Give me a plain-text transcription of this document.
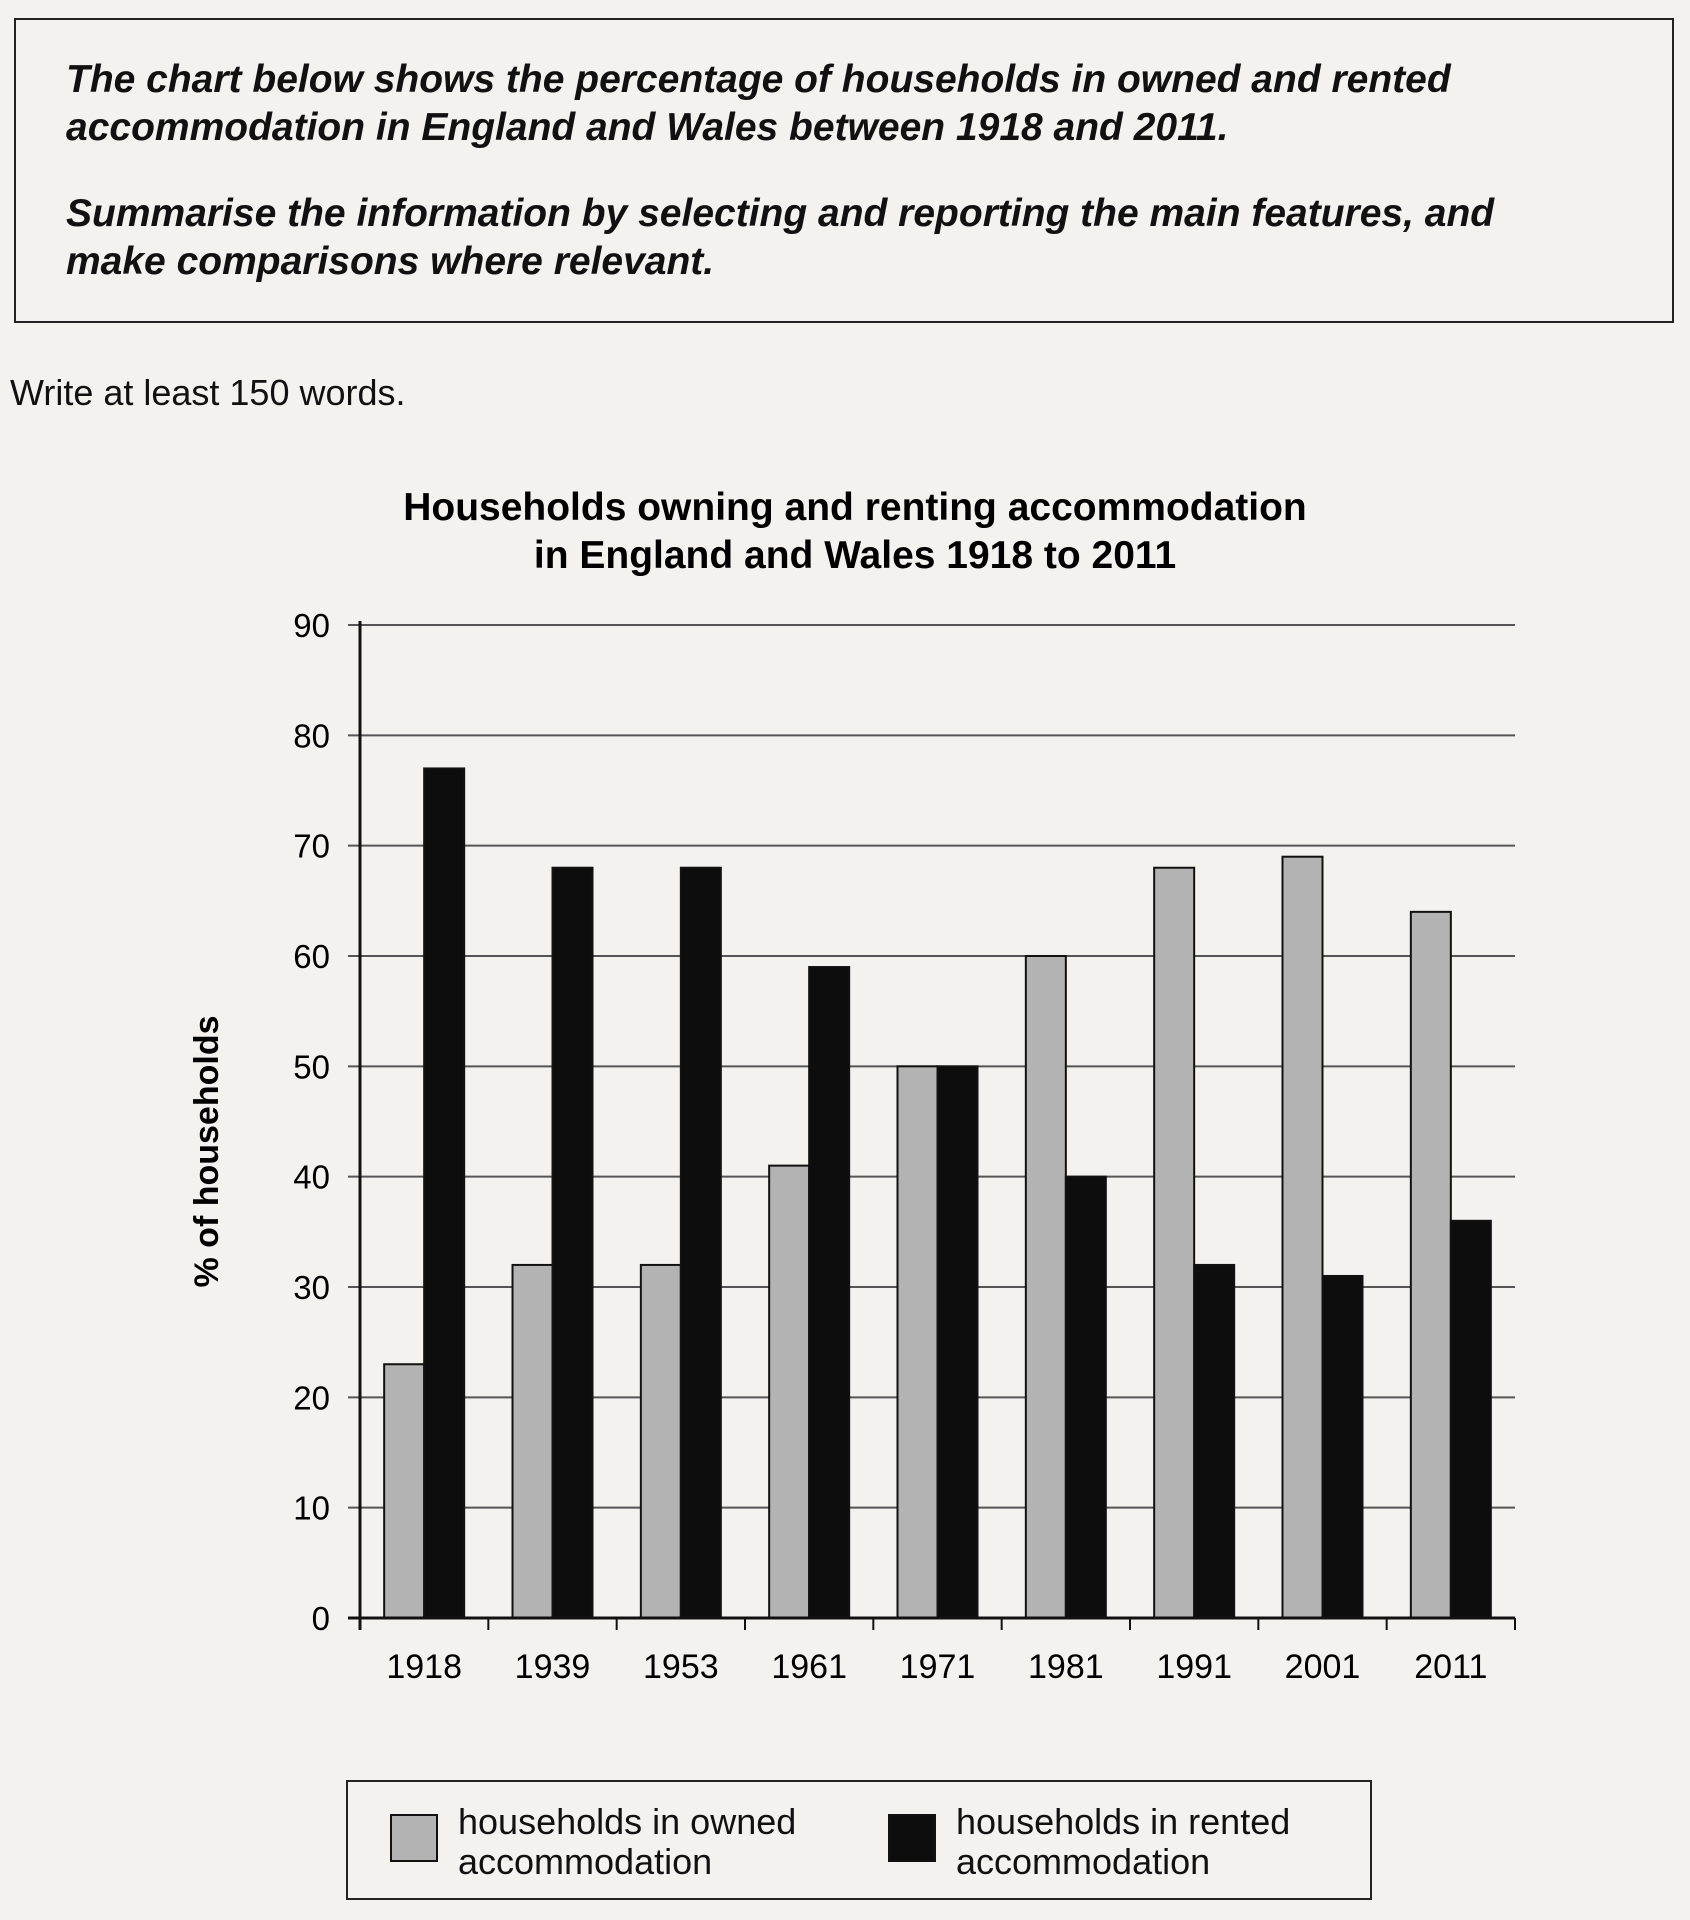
The chart below shows the percentage of households in owned and rented

accommodation in England and Wales between 1918 and 2011.

Summarise the information by selecting and reporting the main features, and

make comparisons where relevant.

Write at least 150 words.
Households owning and renting accommodation
in England and Wales 1918 to 2011
0
10
20
30
40
50
60
70
80
90
1918 1939 1953 1961 1971 1981 1991 2001 2011
% of households
households in owned
accommodation
households in rented
accommodation
